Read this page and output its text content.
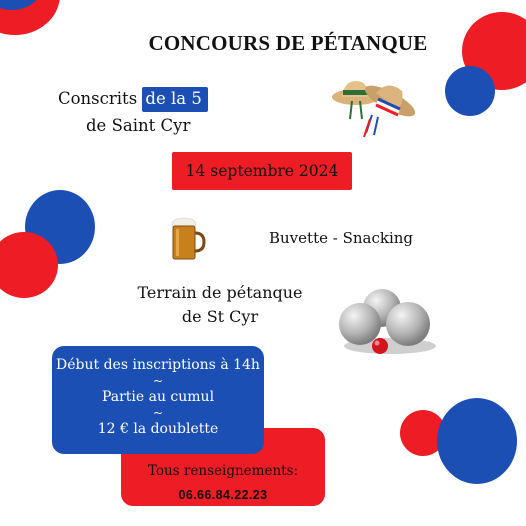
CONCOURS DE PÉTANQUE
Conscrits de la 5
de Saint Cyr
14 septembre 2024
Buvette - Snacking
Terrain de pétanque
de St Cyr
Début des inscriptions à 14h
~
Partie au cumul
~
12 € la doublette
Tous renseignements:
06.66.84.22.23
